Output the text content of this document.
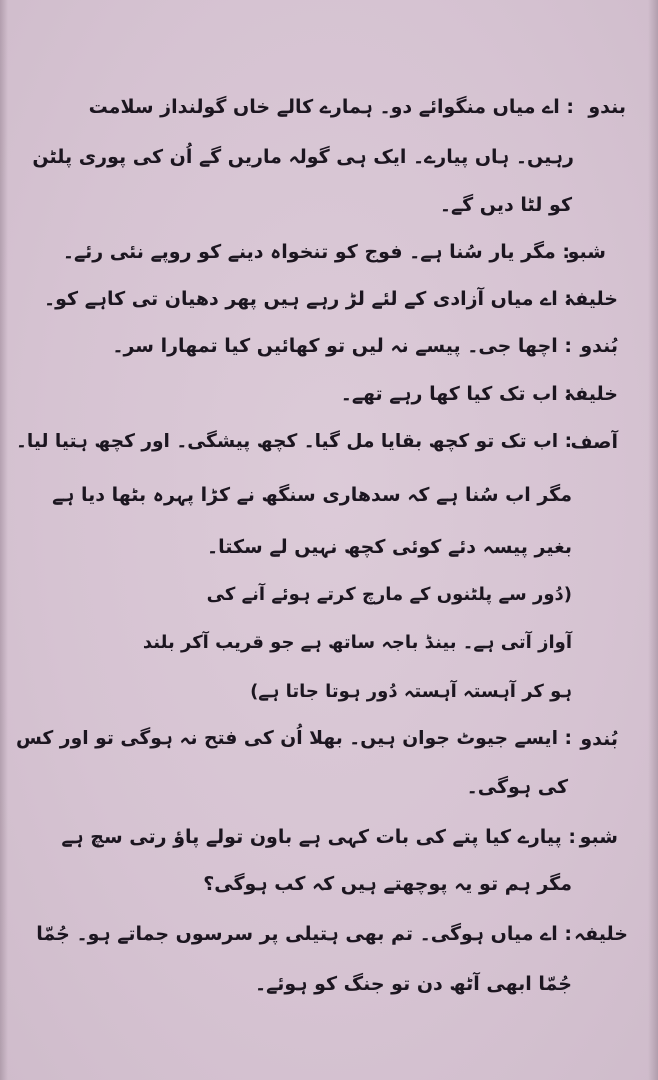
بندو
: اے میاں منگوائے دو۔ ہمارے کالے خاں گولنداز سلامت
رہیں۔ ہاں پیارے۔ ایک ہی گولہ ماریں گے اُن کی پوری پلٹن
کو لٹا دیں گے۔
شبو
: مگر یار سُنا ہے۔ فوج کو تنخواہ دینے کو روپے نئی رئے۔
خلیفہ
: اے میاں آزادی کے لئے لڑ رہے ہیں پھر دھیان تی کاہے کو۔
بُندو
: اچھا جی۔ پیسے نہ لیں تو کھائیں کیا تمھارا سر۔
خلیفہ
: اب تک کیا کھا رہے تھے۔
آصف
: اب تک تو کچھ بقایا مل گیا۔ کچھ پیشگی۔ اور کچھ ہتیا لیا۔
مگر اب سُنا ہے کہ سدھاری سنگھ نے کڑا پہرہ بٹھا دیا ہے
بغیر پیسہ دئے کوئی کچھ نہیں لے سکتا۔
(دُور سے پلٹنوں کے مارچ کرتے ہوئے آنے کی
آواز آتی ہے۔ بینڈ باجہ ساتھ ہے جو قریب آکر بلند
ہو کر آہستہ آہستہ دُور ہوتا جاتا ہے)
بُندو
: ایسے جیوٹ جوان ہیں۔ بھلا اُن کی فتح نہ ہوگی تو اور کس
کی ہوگی۔
شبو
: پیارے کیا پتے کی بات کہی ہے باون تولے پاؤ رتی سچ ہے
مگر ہم تو یہ پوچھتے ہیں کہ کب ہوگی؟
خلیفہ
: اے میاں ہوگی۔ تم بھی ہتیلی پر سرسوں جماتے ہو۔ جُمّا
جُمّا ابھی آٹھ دن تو جنگ کو ہوئے۔
